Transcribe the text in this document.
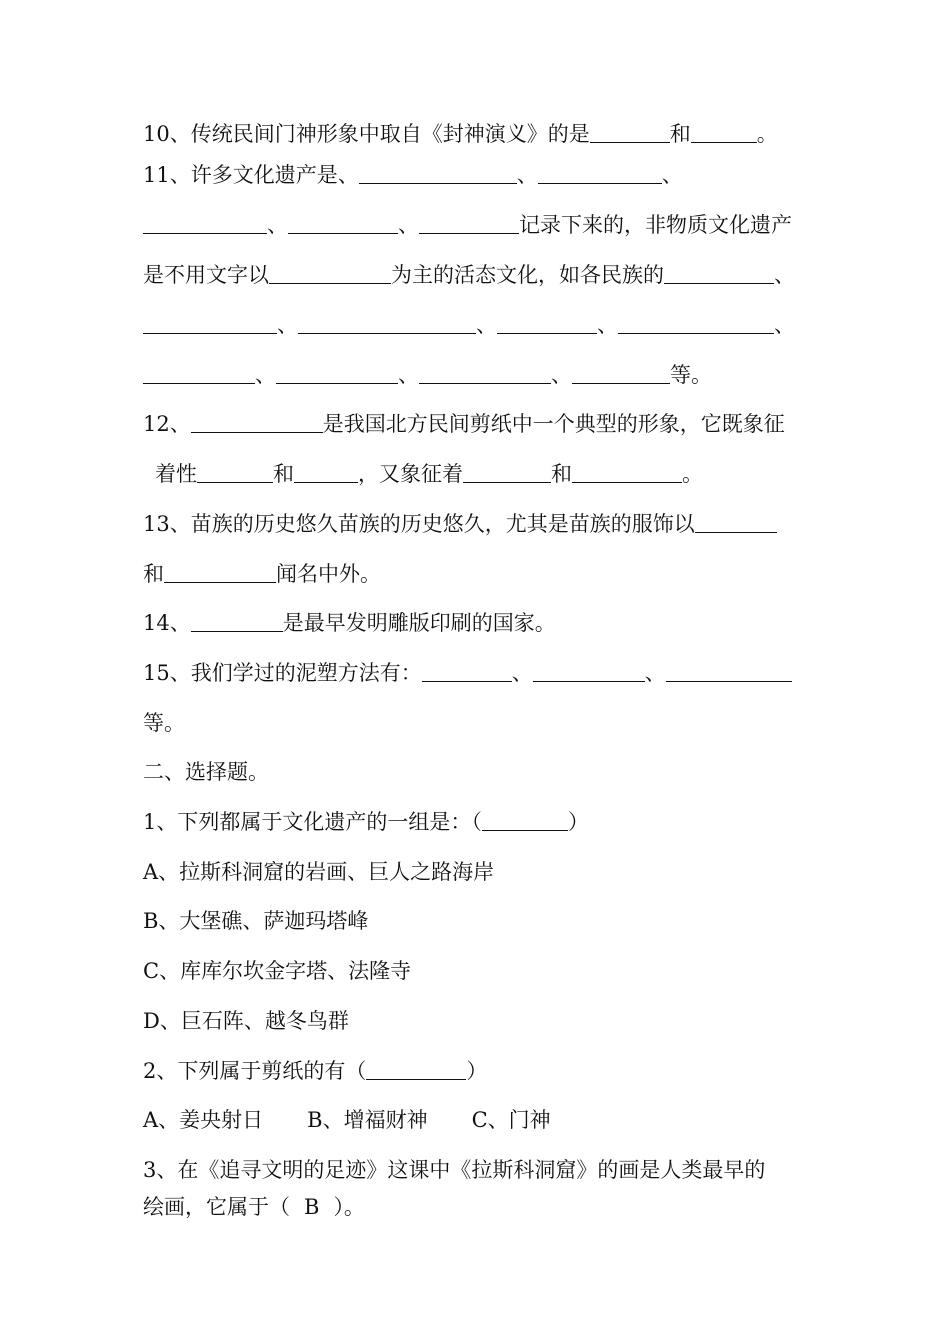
10、传统民间门神形象中取自《封神演义》的是	和	。
11、许多文化遗产是、	、	、
、	、	记录下来的，非物质文化遗产
是不用文字以	为主的活态文化，如各民族的	、
、	、	、	、
、	、	、	等。
12、	是我国北方民间剪纸中一个典型的形象，它既象征
着性	和	，又象征着	和	。
13、苗族的历史悠久苗族的历史悠久，尤其是苗族的服饰以
和	闻名中外。
14、	是最早发明雕版印刷的国家。
15、我们学过的泥塑方法有：	、	、
等。
二、选择题。
1、下列都属于文化遗产的一组是：（	）
A、拉斯科洞窟的岩画、巨人之路海岸
B、大堡礁、萨迦玛塔峰
C、库库尔坎金字塔、法隆寺
D、巨石阵、越冬鸟群
2、下列属于剪纸的有（	）
A、姜央射日 B、增福财神 C、门神
3、在《追寻文明的足迹》这课中《拉斯科洞窟》的画是人类最早的
绘画，它属于（ B ）。
